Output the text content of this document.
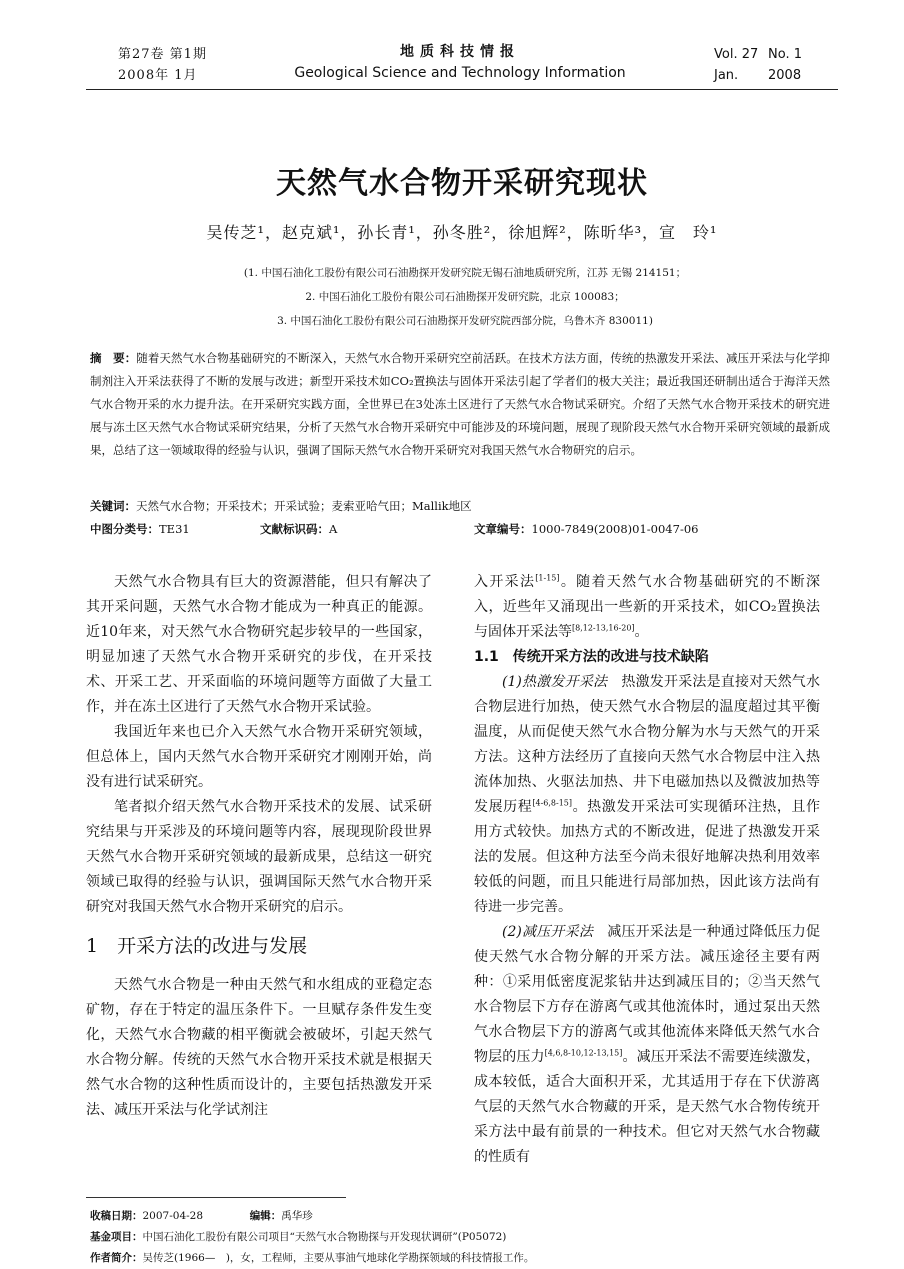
第27卷 第1期
2008年 1月
地质科技情报
Geological Science and Technology Information
Vol. 27 No. 1
Jan. 2008
天然气水合物开采研究现状
吴传芝¹，赵克斌¹，孙长青¹，孙冬胜²，徐旭辉²，陈昕华³，宣　玲¹
(1. 中国石油化工股份有限公司石油勘探开发研究院无锡石油地质研究所，江苏 无锡 214151；
2. 中国石油化工股份有限公司石油勘探开发研究院，北京 100083；
3. 中国石油化工股份有限公司石油勘探开发研究院西部分院，乌鲁木齐 830011)
摘　要：随着天然气水合物基础研究的不断深入，天然气水合物开采研究空前活跃。在技术方法方面，传统的热激发开采法、减压开采法与化学抑制剂注入开采法获得了不断的发展与改进；新型开采技术如CO₂置换法与固体开采法引起了学者们的极大关注；最近我国还研制出适合于海洋天然气水合物开采的水力提升法。在开采研究实践方面，全世界已在3处冻土区进行了天然气水合物试采研究。介绍了天然气水合物开采技术的研究进展与冻土区天然气水合物试采研究结果，分析了天然气水合物开采研究中可能涉及的环境问题，展现了现阶段天然气水合物开采研究领域的最新成果，总结了这一领域取得的经验与认识，强调了国际天然气水合物开采研究对我国天然气水合物研究的启示。
关键词：天然气水合物；开采技术；开采试验；麦索亚哈气田；Mallik地区
中图分类号：TE31	文献标识码：A	文章编号：1000-7849(2008)01-0047-06

天然气水合物具有巨大的资源潜能，但只有解决了其开采问题，天然气水合物才能成为一种真正的能源。近10年来，对天然气水合物研究起步较早的一些国家，明显加速了天然气水合物开采研究的步伐，在开采技术、开采工艺、开采面临的环境问题等方面做了大量工作，并在冻土区进行了天然气水合物开采试验。

我国近年来也已介入天然气水合物开采研究领域，但总体上，国内天然气水合物开采研究才刚刚开始，尚没有进行试采研究。

笔者拟介绍天然气水合物开采技术的发展、试采研究结果与开采涉及的环境问题等内容，展现现阶段世界天然气水合物开采研究领域的最新成果，总结这一研究领域已取得的经验与认识，强调国际天然气水合物开采研究对我国天然气水合物开采研究的启示。

1　开采方法的改进与发展

天然气水合物是一种由天然气和水组成的亚稳定态矿物，存在于特定的温压条件下。一旦赋存条件发生变化，天然气水合物藏的相平衡就会被破坏，引起天然气水合物分解。传统的天然气水合物开采技术就是根据天然气水合物的这种性质而设计的，主要包括热激发开采法、减压开采法与化学试剂注

入开采法[1-15]。随着天然气水合物基础研究的不断深入，近些年又涌现出一些新的开采技术，如CO₂置换法与固体开采法等[8,12-13,16-20]。

1.1　传统开采方法的改进与技术缺陷

(1)热激发开采法　热激发开采法是直接对天然气水合物层进行加热，使天然气水合物层的温度超过其平衡温度，从而促使天然气水合物分解为水与天然气的开采方法。这种方法经历了直接向天然气水合物层中注入热流体加热、火驱法加热、井下电磁加热以及微波加热等发展历程[4-6,8-15]。热激发开采法可实现循环注热，且作用方式较快。加热方式的不断改进，促进了热激发开采法的发展。但这种方法至今尚未很好地解决热利用效率较低的问题，而且只能进行局部加热，因此该方法尚有待进一步完善。

(2)减压开采法　减压开采法是一种通过降低压力促使天然气水合物分解的开采方法。减压途径主要有两种：①采用低密度泥浆钻井达到减压目的；②当天然气水合物层下方存在游离气或其他流体时，通过泵出天然气水合物层下方的游离气或其他流体来降低天然气水合物层的压力[4,6,8-10,12-13,15]。减压开采法不需要连续激发，成本较低，适合大面积开采，尤其适用于存在下伏游离气层的天然气水合物藏的开采，是天然气水合物传统开采方法中最有前景的一种技术。但它对天然气水合物藏的性质有

收稿日期：2007-04-28	编辑：禹华珍
基金项目：中国石油化工股份有限公司项目“天然气水合物勘探与开发现状调研”(P05072)
作者简介：吴传芝(1966—　)，女，工程师，主要从事油气地球化学勘探领域的科技情报工作。
